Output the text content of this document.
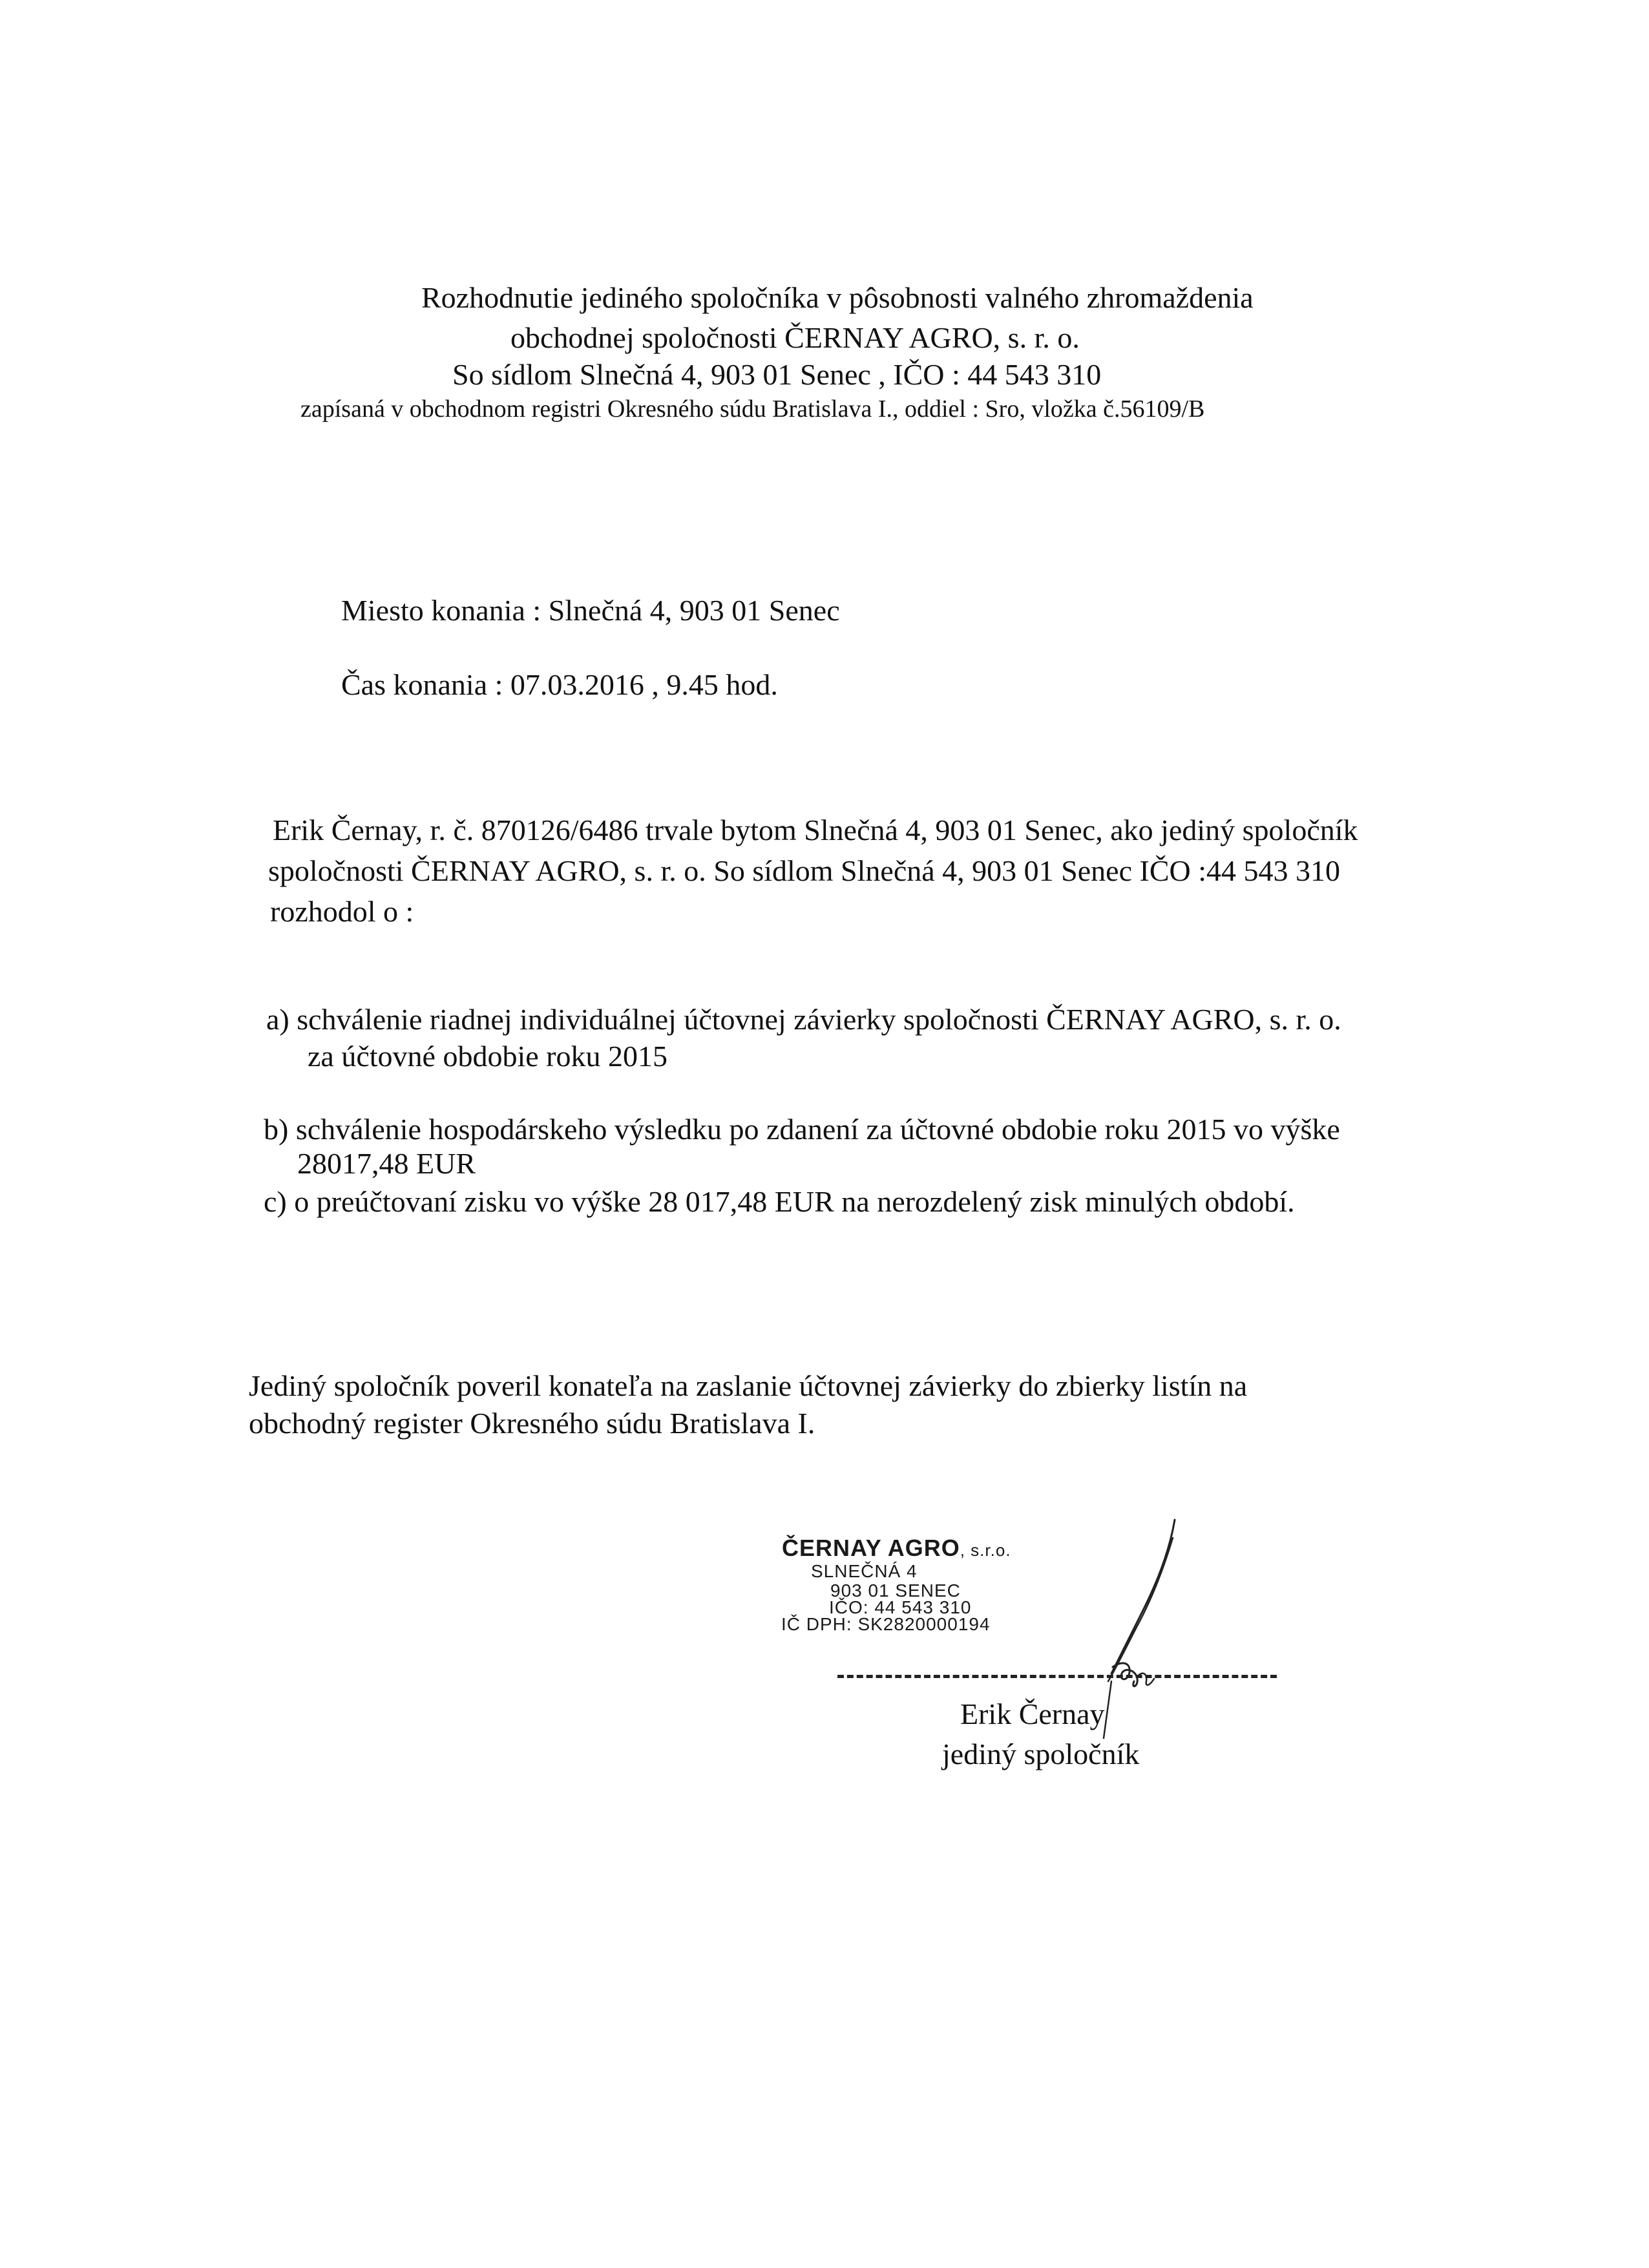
Rozhodnutie jediného spoločníka v pôsobnosti valného zhromaždenia
obchodnej spoločnosti ČERNAY AGRO, s. r. o.
So sídlom Slnečná 4, 903 01 Senec , IČO : 44 543 310
zapísaná v obchodnom registri Okresného súdu Bratislava I., oddiel : Sro, vložka č.56109/B
Miesto konania : Slnečná 4, 903 01 Senec
Čas konania : 07.03.2016 , 9.45 hod.
Erik Černay, r. č. 870126/6486 trvale bytom Slnečná 4, 903 01 Senec, ako jediný spoločník
spoločnosti ČERNAY AGRO, s. r. o. So sídlom Slnečná 4, 903 01 Senec IČO :44 543 310
rozhodol o :
a) schválenie riadnej individuálnej účtovnej závierky spoločnosti ČERNAY AGRO, s. r. o.
za účtovné obdobie roku 2015
b) schválenie hospodárskeho výsledku po zdanení za účtovné obdobie roku 2015 vo výške
28017,48 EUR
c) o preúčtovaní zisku vo výške 28 017,48 EUR na nerozdelený zisk minulých období.
Jediný spoločník poveril konateľa na zaslanie účtovnej závierky do zbierky listín na
obchodný register Okresného súdu Bratislava I.
ČERNAY AGRO, s.r.o.
SLNEČNÁ 4
903 01 SENEC
IČO: 44 543 310
IČ DPH: SK2820000194
Erik Černay
jediný spoločník
